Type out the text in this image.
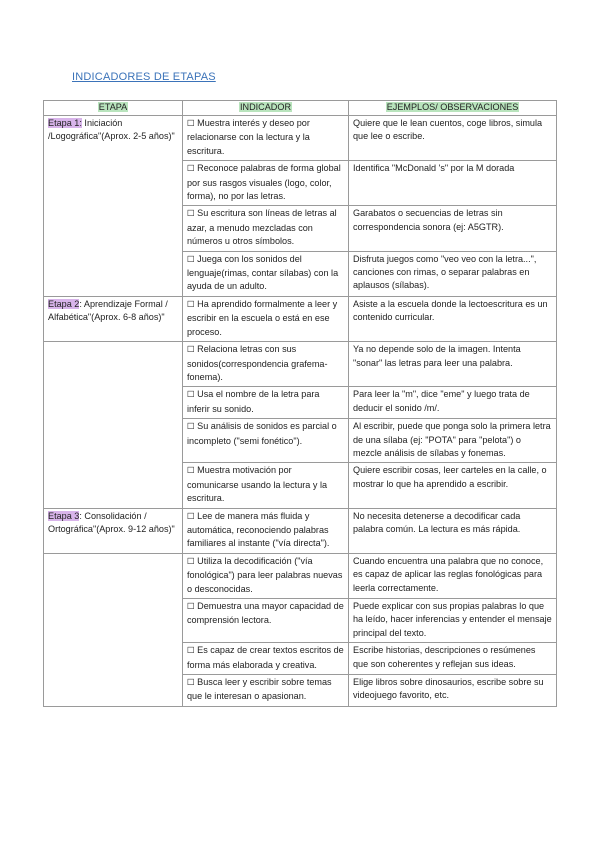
INDICADORES DE ETAPAS
ETAPA	INDICADOR	EJEMPLOS/ OBSERVACIONES
Etapa 1: Iniciación /Logográfica"(Aprox. 2-5 años)"	☐ Muestra interés y deseo por relacionarse con la lectura y la escritura.	Quiere que le lean cuentos, coge libros, simula que lee o escribe.
	☐ Reconoce palabras de forma global por sus rasgos visuales (logo, color, forma), no por las letras.	Identifica "McDonald 's" por la M dorada
	☐ Su escritura son líneas de letras al azar, a menudo mezcladas con números u otros símbolos.	Garabatos o secuencias de letras sin correspondencia sonora (ej: A5GTR).
	☐ Juega con los sonidos del lenguaje(rimas, contar sílabas) con la ayuda de un adulto.	Disfruta juegos como "veo veo con la letra...", canciones con rimas, o separar palabras en aplausos (sílabas).
Etapa 2: Aprendizaje Formal / Alfabética"(Aprox. 6-8 años)"	☐ Ha aprendido formalmente a leer y escribir en la escuela o está en ese proceso.	Asiste a la escuela donde la lectoescritura es un contenido curricular.
	☐ Relaciona letras con sus sonidos(correspondencia grafema-fonema).	Ya no depende solo de la imagen. Intenta "sonar" las letras para leer una palabra.
	☐ Usa el nombre de la letra para inferir su sonido.	Para leer la "m", dice "eme" y luego trata de deducir el sonido /m/.
	☐ Su análisis de sonidos es parcial o incompleto ("semi fonético").	Al escribir, puede que ponga solo la primera letra de una sílaba (ej: "POTA" para "pelota") o mezcle análisis de sílabas y fonemas.
	☐ Muestra motivación por comunicarse usando la lectura y la escritura.	Quiere escribir cosas, leer carteles en la calle, o mostrar lo que ha aprendido a escribir.
Etapa 3: Consolidación / Ortográfica"(Aprox. 9-12 años)"	☐ Lee de manera más fluida y automática, reconociendo palabras familiares al instante ("vía directa").	No necesita detenerse a decodificar cada palabra común. La lectura es más rápida.
	☐ Utiliza la decodificación ("vía fonológica") para leer palabras nuevas o desconocidas.	Cuando encuentra una palabra que no conoce, es capaz de aplicar las reglas fonológicas para leerla correctamente.
	☐ Demuestra una mayor capacidad de comprensión lectora.	Puede explicar con sus propias palabras lo que ha leído, hacer inferencias y entender el mensaje principal del texto.
	☐ Es capaz de crear textos escritos de forma más elaborada y creativa.	Escribe historias, descripciones o resúmenes que son coherentes y reflejan sus ideas.
	☐ Busca leer y escribir sobre temas que le interesan o apasionan.	Elige libros sobre dinosaurios, escribe sobre su videojuego favorito, etc.
